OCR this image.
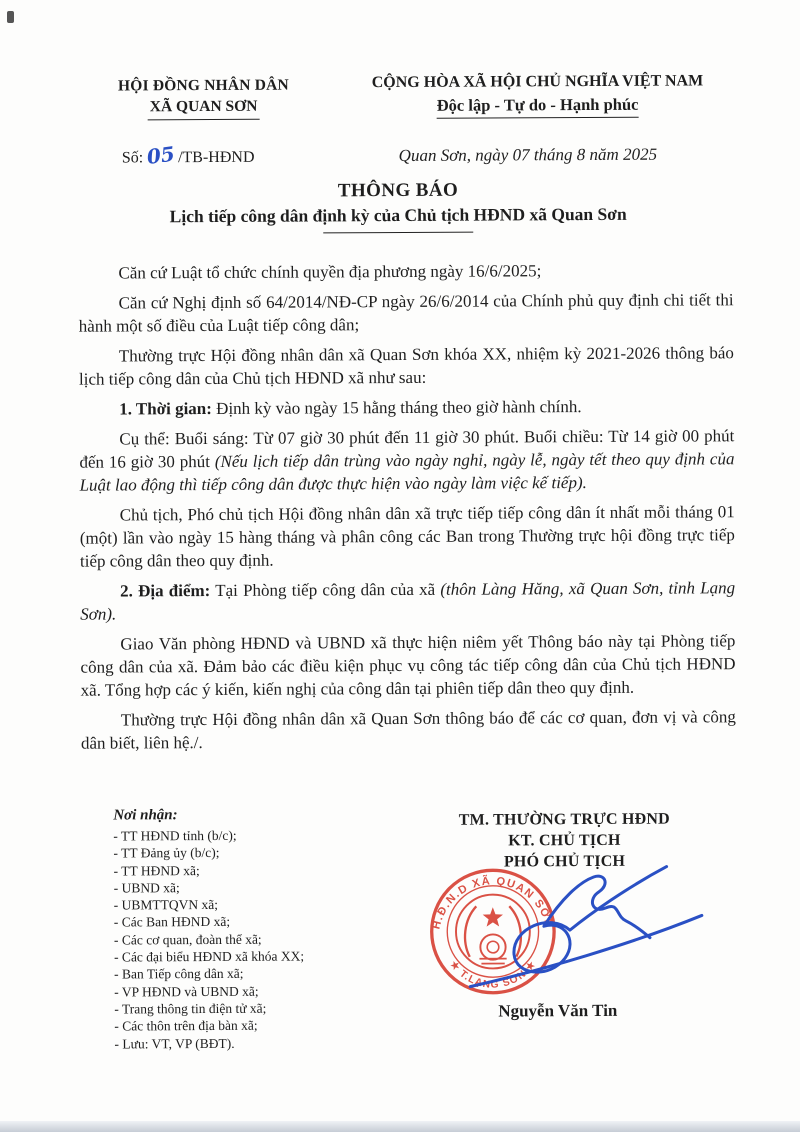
HỘI ĐỒNG NHÂN DÂN
XÃ QUAN SƠN
CỘNG HÒA XÃ HỘI CHỦ NGHĨA VIỆT NAM
Độc lập - Tự do - Hạnh phúc
Số: 05/TB-HĐND	Quan Sơn, ngày 07 tháng 8 năm 2025
THÔNG BÁO
Lịch tiếp công dân định kỳ của Chủ tịch HĐND xã Quan Sơn

Căn cứ Luật tổ chức chính quyền địa phương ngày 16/6/2025;

Căn cứ Nghị định số 64/2014/NĐ-CP ngày 26/6/2014 của Chính phủ quy định chi tiết thi hành một số điều của Luật tiếp công dân;

Thường trực Hội đồng nhân dân xã Quan Sơn khóa XX, nhiệm kỳ 2021-2026 thông báo lịch tiếp công dân của Chủ tịch HĐND xã như sau:

1. Thời gian: Định kỳ vào ngày 15 hằng tháng theo giờ hành chính.

Cụ thể: Buổi sáng: Từ 07 giờ 30 phút đến 11 giờ 30 phút. Buổi chiều: Từ 14 giờ 00 phút đến 16 giờ 30 phút (Nếu lịch tiếp dân trùng vào ngày nghỉ, ngày lễ, ngày tết theo quy định của Luật lao động thì tiếp công dân được thực hiện vào ngày làm việc kế tiếp).

Chủ tịch, Phó chủ tịch Hội đồng nhân dân xã trực tiếp tiếp công dân ít nhất mỗi tháng 01 (một) lần vào ngày 15 hàng tháng và phân công các Ban trong Thường trực hội đồng trực tiếp tiếp công dân theo quy định.

2. Địa điểm: Tại Phòng tiếp công dân của xã (thôn Làng Hăng, xã Quan Sơn, tỉnh Lạng Sơn).

Giao Văn phòng HĐND và UBND xã thực hiện niêm yết Thông báo này tại Phòng tiếp công dân của xã. Đảm bảo các điều kiện phục vụ công tác tiếp công dân của Chủ tịch HĐND xã. Tổng hợp các ý kiến, kiến nghị của công dân tại phiên tiếp dân theo quy định.

Thường trực Hội đồng nhân dân xã Quan Sơn thông báo để các cơ quan, đơn vị và công dân biết, liên hệ./.

Nơi nhận:
- TT HĐND tỉnh (b/c);
- TT Đảng ủy (b/c);
- TT HĐND xã;
- UBND xã;
- UBMTTQVN xã;
- Các Ban HĐND xã;
- Các cơ quan, đoàn thể xã;
- Các đại biểu HĐND xã khóa XX;
- Ban Tiếp công dân xã;
- VP HĐND và UBND xã;
- Trang thông tin điện tử xã;
- Các thôn trên địa bàn xã;
- Lưu: VT, VP (BĐT).
TM. THƯỜNG TRỰC HĐND
KT. CHỦ TỊCH
PHÓ CHỦ TỊCH
H.Đ.N.D XÃ QUAN SƠN
★ T.LẠNG SƠN ★
Nguyễn Văn Tin
